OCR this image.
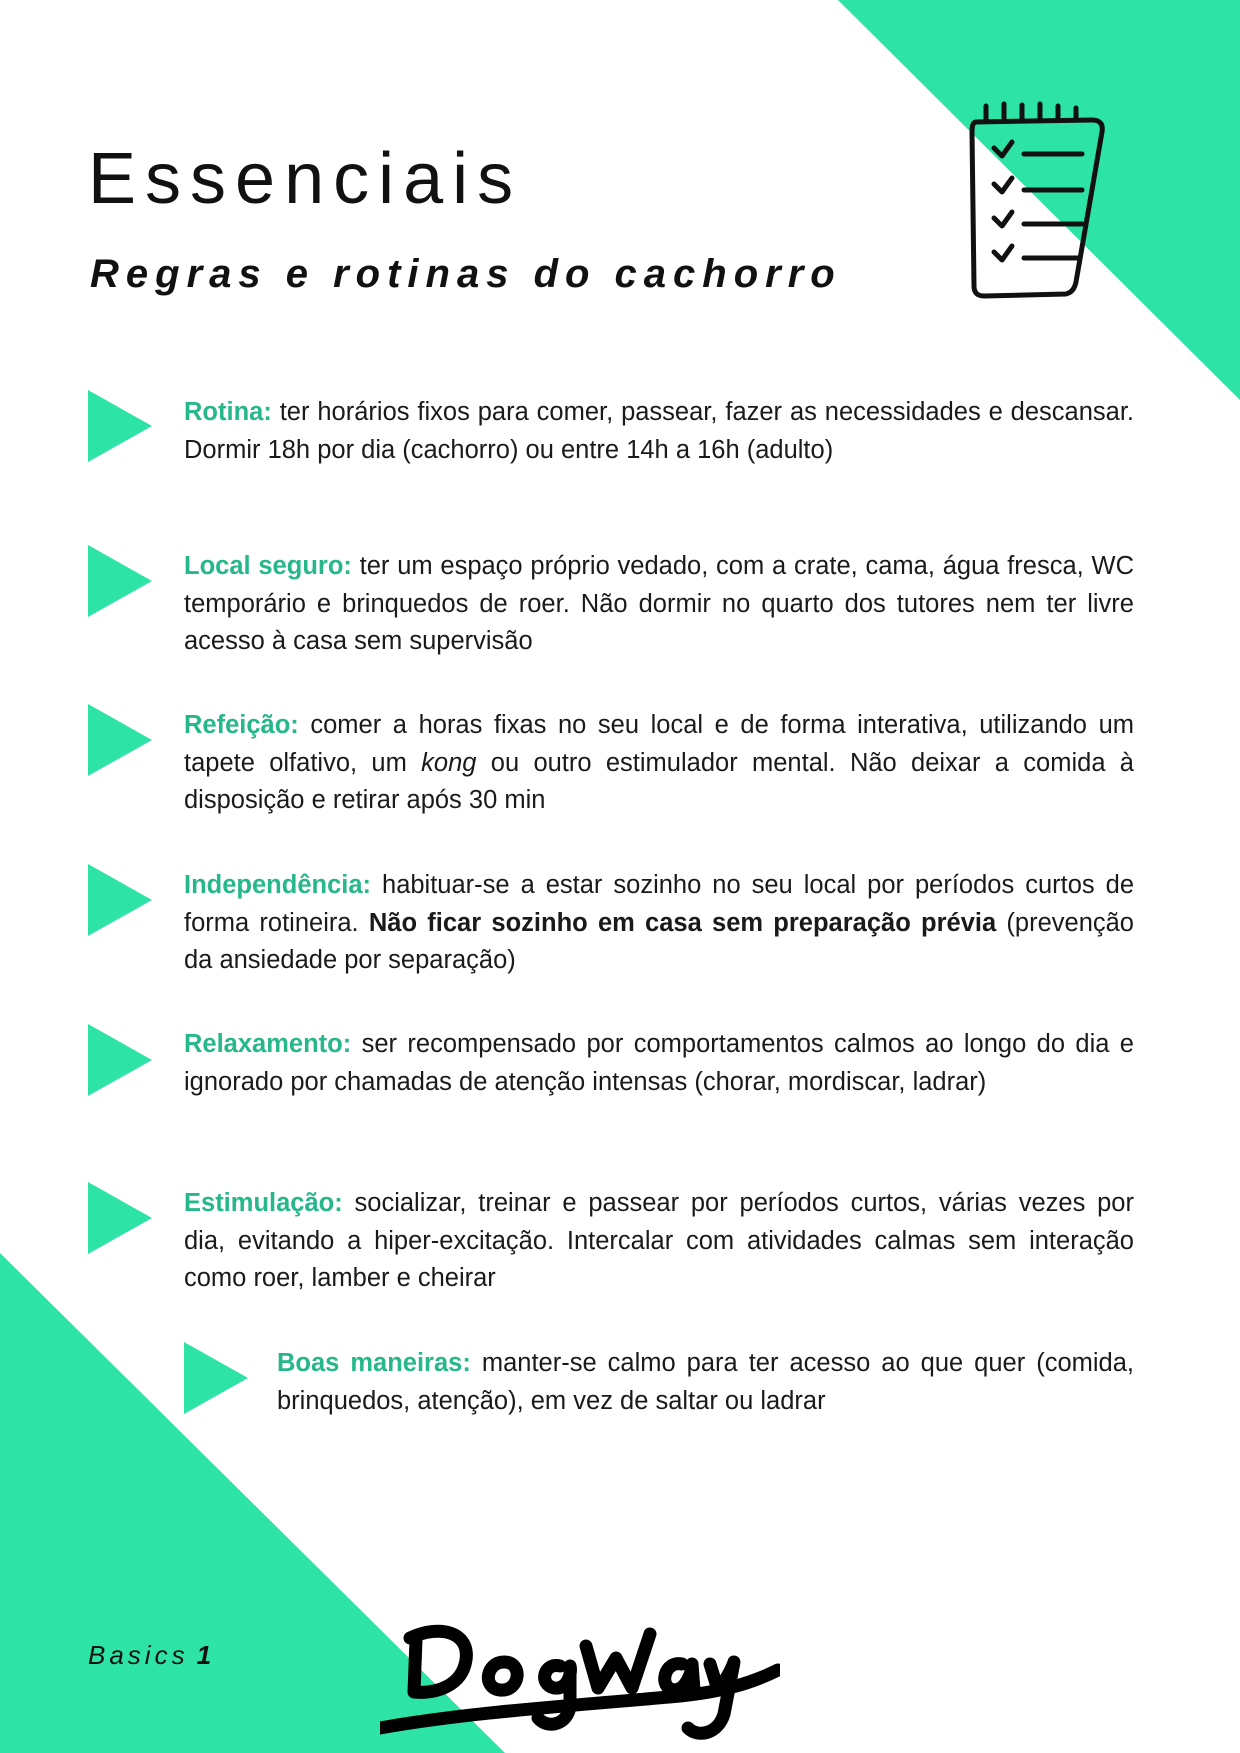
Essenciais
Regras e rotinas do cachorro

Rotina: ter horários fixos para comer, passear, fazer as necessidades e descansar. Dormir 18h por dia (cachorro) ou entre 14h a 16h (adulto)

Local seguro: ter um espaço próprio vedado, com a crate, cama, água fresca, WC temporário e brinquedos de roer. Não dormir no quarto dos tutores nem ter livre acesso à casa sem supervisão

Refeição: comer a horas fixas no seu local e de forma interativa, utilizando um tapete olfativo, um kong ou outro estimulador mental. Não deixar a comida à disposição e retirar após 30 min

Independência: habituar-se a estar sozinho no seu local por períodos curtos de forma rotineira. Não ficar sozinho em casa sem preparação prévia (prevenção da ansiedade por separação)

Relaxamento: ser recompensado por comportamentos calmos ao longo do dia e ignorado por chamadas de atenção intensas (chorar, mordiscar, ladrar)

Estimulação: socializar, treinar e passear por períodos curtos, várias vezes por dia, evitando a hiper-excitação. Intercalar com atividades calmas sem interação como roer, lamber e cheirar

Boas maneiras: manter-se calmo para ter acesso ao que quer (comida, brinquedos, atenção), em vez de saltar ou ladrar

Basics 1
